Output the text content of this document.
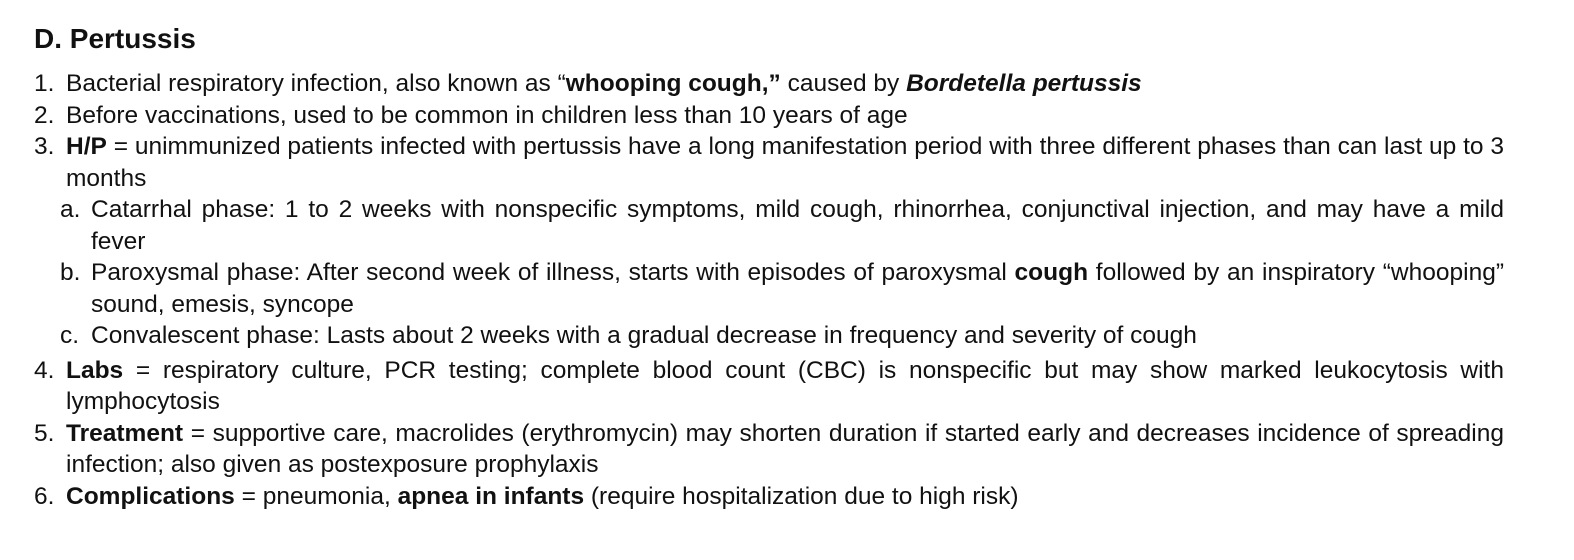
D. Pertussis
1. Bacterial respiratory infection, also known as “whooping cough,” caused by Bordetella pertussis
2. Before vaccinations, used to be common in children less than 10 years of age
3. H/P = unimmunized patients infected with pertussis have a long manifestation period with three different phases than can last up to 3 months
a. Catarrhal phase: 1 to 2 weeks with nonspecific symptoms, mild cough, rhinorrhea, conjunctival injection, and may have a mild fever
b. Paroxysmal phase: After second week of illness, starts with episodes of paroxysmal cough followed by an inspiratory “whooping” sound, emesis, syncope
c. Convalescent phase: Lasts about 2 weeks with a gradual decrease in frequency and severity of cough
4. Labs = respiratory culture, PCR testing; complete blood count (CBC) is nonspecific but may show marked leukocytosis with lymphocytosis
5. Treatment = supportive care, macrolides (erythromycin) may shorten duration if started early and decreases incidence of spreading infection; also given as postexposure prophylaxis
6. Complications = pneumonia, apnea in infants (require hospitalization due to high risk)
